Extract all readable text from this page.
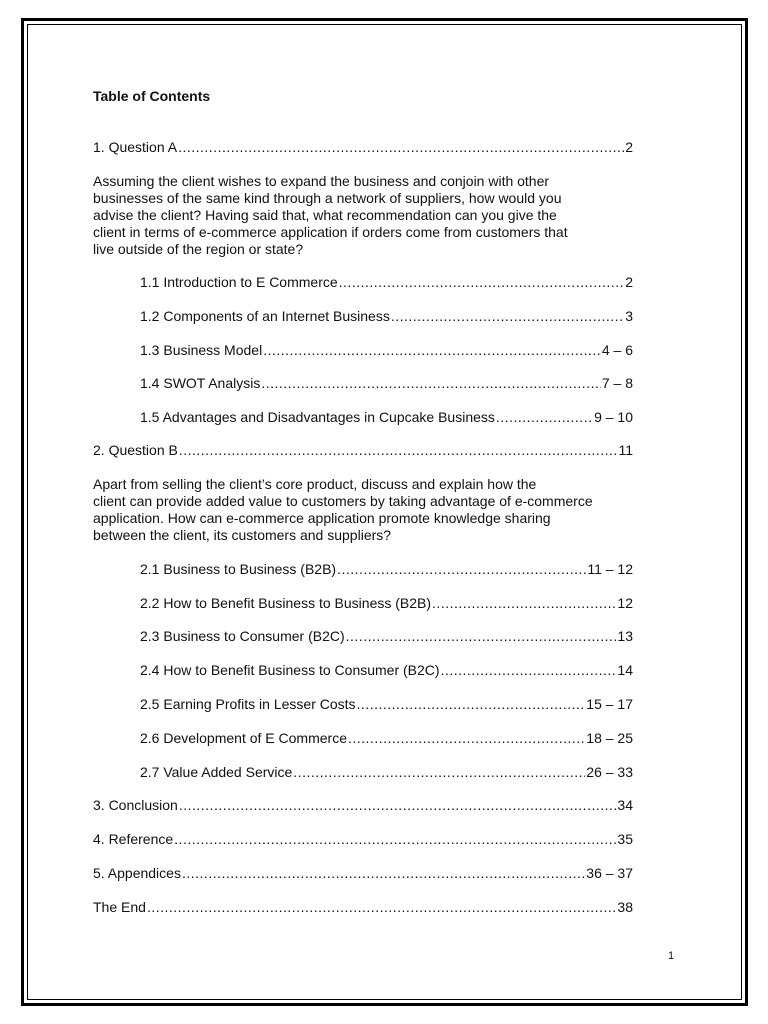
Table of Contents
1. Question A .....	2
Assuming the client wishes to expand the business and conjoin with other
businesses of the same kind through a network of suppliers, how would you
advise the client? Having said that, what recommendation can you give the
client in terms of e-commerce application if orders come from customers that
live outside of the region or state?
1.1 Introduction to E Commerce .....	2
1.2 Components of an Internet Business .....	3
1.3 Business Model .....	4 – 6
1.4 SWOT Analysis .....	7 – 8
1.5 Advantages and Disadvantages in Cupcake Business .....	9 – 10
2. Question B .....	11
Apart from selling the client’s core product, discuss and explain how the
client can provide added value to customers by taking advantage of e-commerce
application. How can e-commerce application promote knowledge sharing
between the client, its customers and suppliers?
2.1 Business to Business (B2B) .....	11 – 12
2.2 How to Benefit Business to Business (B2B) .....	12
2.3 Business to Consumer (B2C) .....	13
2.4 How to Benefit Business to Consumer (B2C) .....	14
2.5 Earning Profits in Lesser Costs .....	15 – 17
2.6 Development of E Commerce .....	18 – 25
2.7 Value Added Service .....	26 – 33
3. Conclusion .....	34
4. Reference .....	35
5. Appendices .....	36 – 37
The End .....	38
1
